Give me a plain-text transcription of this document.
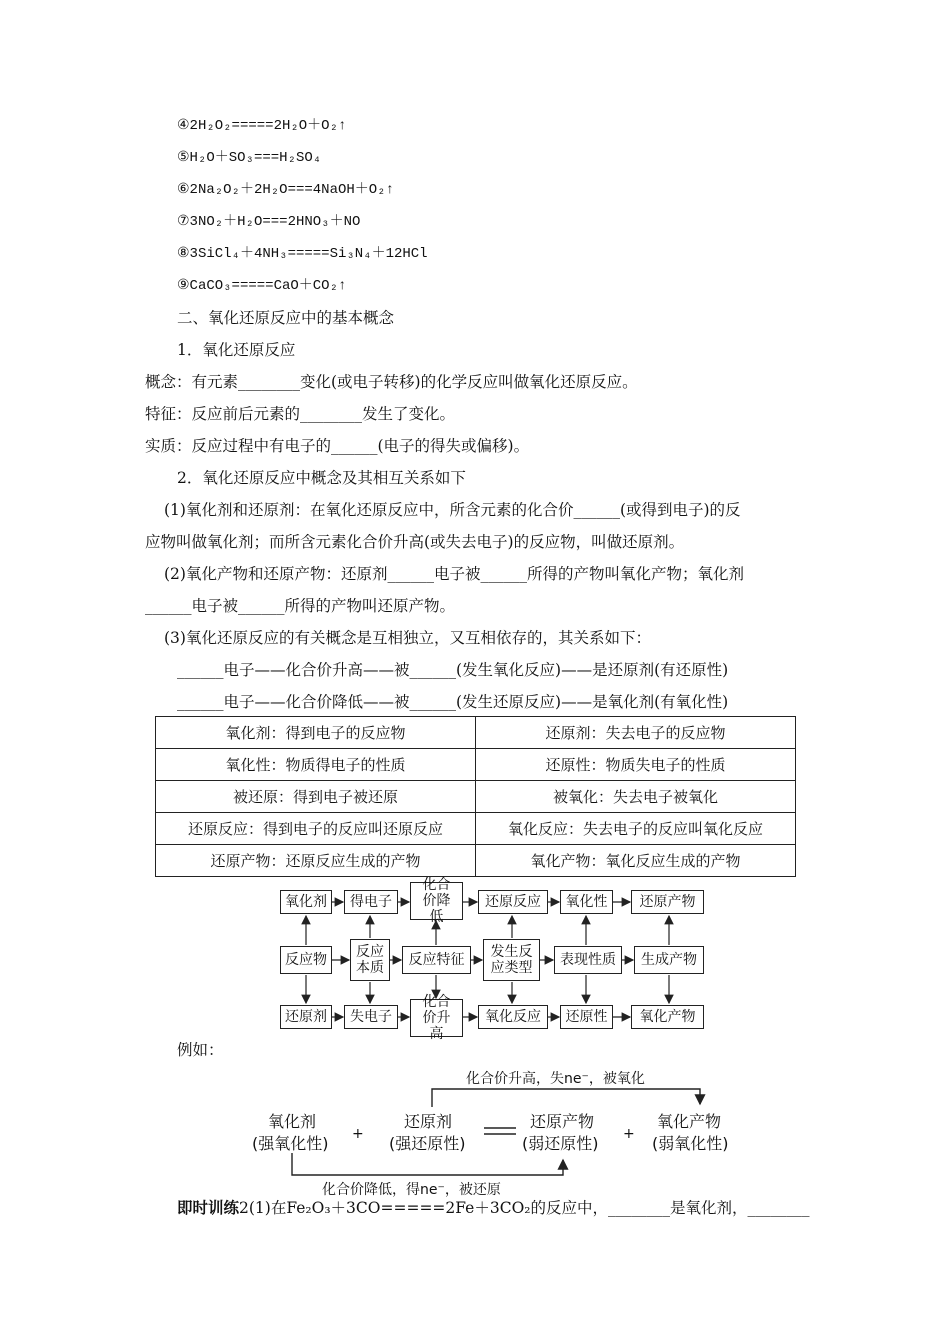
④2H₂O₂=====2H₂O＋O₂↑
⑤H₂O＋SO₃===H₂SO₄
⑥2Na₂O₂＋2H₂O===4NaOH＋O₂↑
⑦3NO₂＋H₂O===2HNO₃＋NO
⑧3SiCl₄＋4NH₃=====Si₃N₄＋12HCl
⑨CaCO₃=====CaO＋CO₂↑
二、氧化还原反应中的基本概念
1．氧化还原反应
概念：有元素________变化(或电子转移)的化学反应叫做氧化还原反应。
特征：反应前后元素的________发生了变化。
实质：反应过程中有电子的______(电子的得失或偏移)。
2．氧化还原反应中概念及其相互关系如下
(1)氧化剂和还原剂：在氧化还原反应中，所含元素的化合价______(或得到电子)的反
应物叫做氧化剂；而所含元素化合价升高(或失去电子)的反应物，叫做还原剂。
(2)氧化产物和还原产物：还原剂______电子被______所得的产物叫氧化产物；氧化剂
______电子被______所得的产物叫还原产物。
(3)氧化还原反应的有关概念是互相独立，又互相依存的，其关系如下：
______电子——化合价升高——被______(发生氧化反应)——是还原剂(有还原性)
______电子——化合价降低——被______(发生还原反应)——是氧化剂(有氧化性)
氧化剂：得到电子的反应物	还原剂：失去电子的反应物
氧化性：物质得电子的性质	还原性：物质失电子的性质
被还原：得到电子被还原	被氧化：失去电子被氧化
还原反应：得到电子的反应叫还原反应	氧化反应：失去电子的反应叫氧化反应
还原产物：还原反应生成的产物	氧化产物：氧化反应生成的产物
氧化剂	得电子
化合价降低
还原反应	氧化性	还原产物
反应物	反应本质	反应特征	发生反应类型	表现性质	生成产物
还原剂	失电子
化合价升高
氧化反应	还原性	氧化产物
例如：
化合价升高，失ne⁻，被氧化
化合价降低，得ne⁻，被还原
氧化剂
(强氧化性) +
还原剂
(强还原性)
还原产物
(弱还原性) +
氧化产物
(弱氧化性)
即时训练2(1)在Fe₂O₃＋3CO=====2Fe＋3CO₂的反应中，________是氧化剂，________
